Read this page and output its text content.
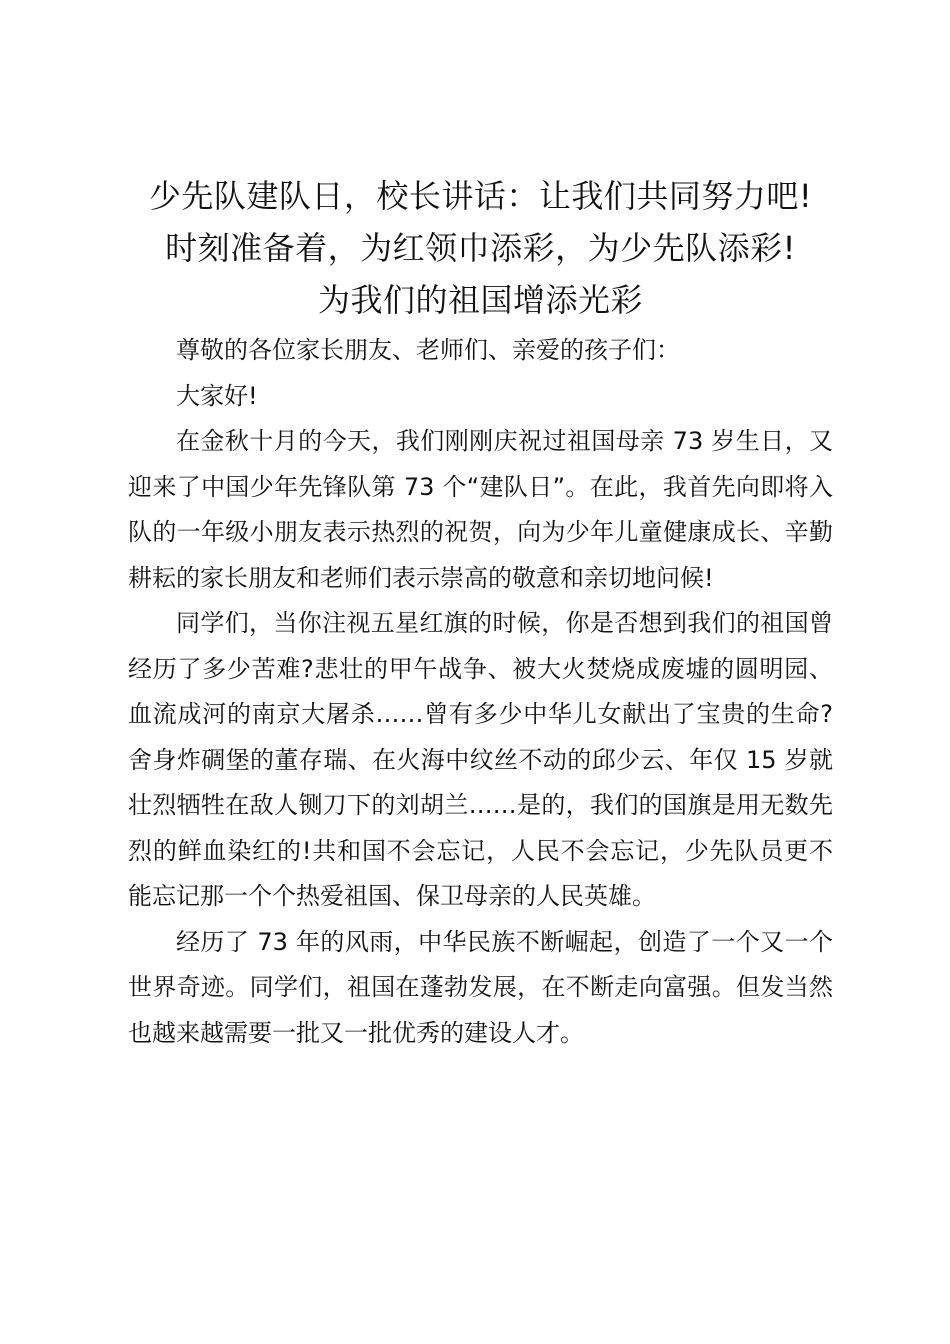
少先队建队日，校长讲话：让我们共同努力吧!
时刻准备着，为红领巾添彩，为少先队添彩!
为我们的祖国增添光彩

尊敬的各位家长朋友、老师们、亲爱的孩子们：

大家好!

在金秋十月的今天，我们刚刚庆祝过祖国母亲 73 岁生日，又迎来了中国少年先锋队第 73 个“建队日”。在此，我首先向即将入队的一年级小朋友表示热烈的祝贺，向为少年儿童健康成长、辛勤耕耘的家长朋友和老师们表示崇高的敬意和亲切地问候!

同学们，当你注视五星红旗的时候，你是否想到我们的祖国曾经历了多少苦难?悲壮的甲午战争、被大火焚烧成废墟的圆明园、血流成河的南京大屠杀……曾有多少中华儿女献出了宝贵的生命?舍身炸碉堡的董存瑞、在火海中纹丝不动的邱少云、年仅 15 岁就壮烈牺牲在敌人铡刀下的刘胡兰……是的，我们的国旗是用无数先烈的鲜血染红的!共和国不会忘记，人民不会忘记，少先队员更不能忘记那一个个热爱祖国、保卫母亲的人民英雄。

经历了 73 年的风雨，中华民族不断崛起，创造了一个又一个世界奇迹。同学们，祖国在蓬勃发展，在不断走向富强。但发当然也越来越需要一批又一批优秀的建设人才。
